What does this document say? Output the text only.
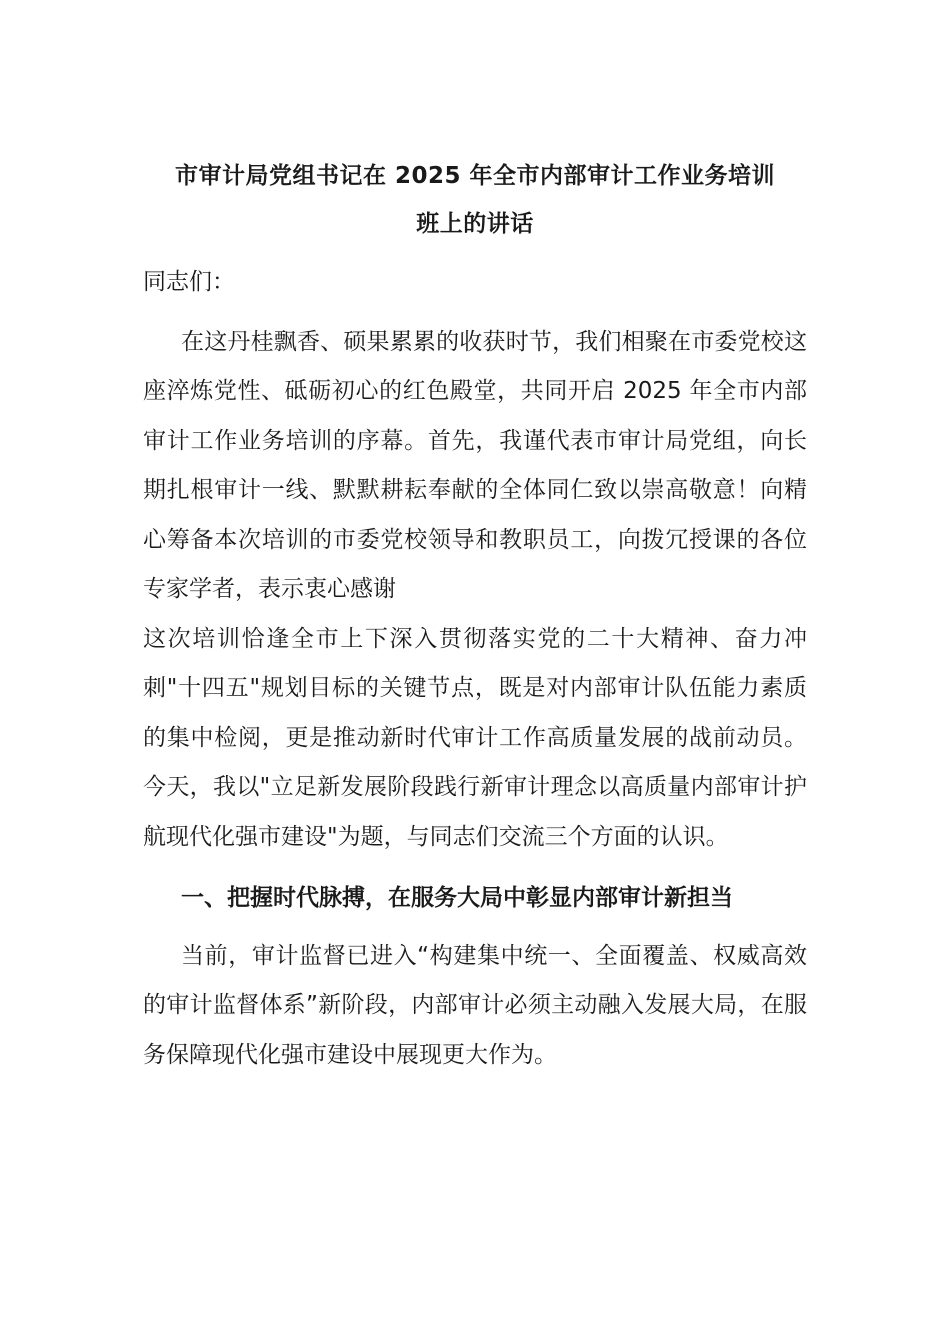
市审计局党组书记在 2025 年全市内部审计工作业务培训
班上的讲话

同志们：

在这丹桂飘香、硕果累累的收获时节，我们相聚在市委党校这座淬炼党性、砥砺初心的红色殿堂，共同开启 2025 年全市内部审计工作业务培训的序幕。首先，我谨代表市审计局党组，向长期扎根审计一线、默默耕耘奉献的全体同仁致以崇高敬意！向精心筹备本次培训的市委党校领导和教职员工，向拨冗授课的各位专家学者，表示衷心感谢

这次培训恰逢全市上下深入贯彻落实党的二十大精神、奋力冲刺"十四五"规划目标的关键节点，既是对内部审计队伍能力素质的集中检阅，更是推动新时代审计工作高质量发展的战前动员。今天，我以"立足新发展阶段践行新审计理念以高质量内部审计护航现代化强市建设"为题，与同志们交流三个方面的认识。

一、把握时代脉搏，在服务大局中彰显内部审计新担当

当前，审计监督已进入“构建集中统一、全面覆盖、权威高效的审计监督体系”新阶段，内部审计必须主动融入发展大局，在服务保障现代化强市建设中展现更大作为。
